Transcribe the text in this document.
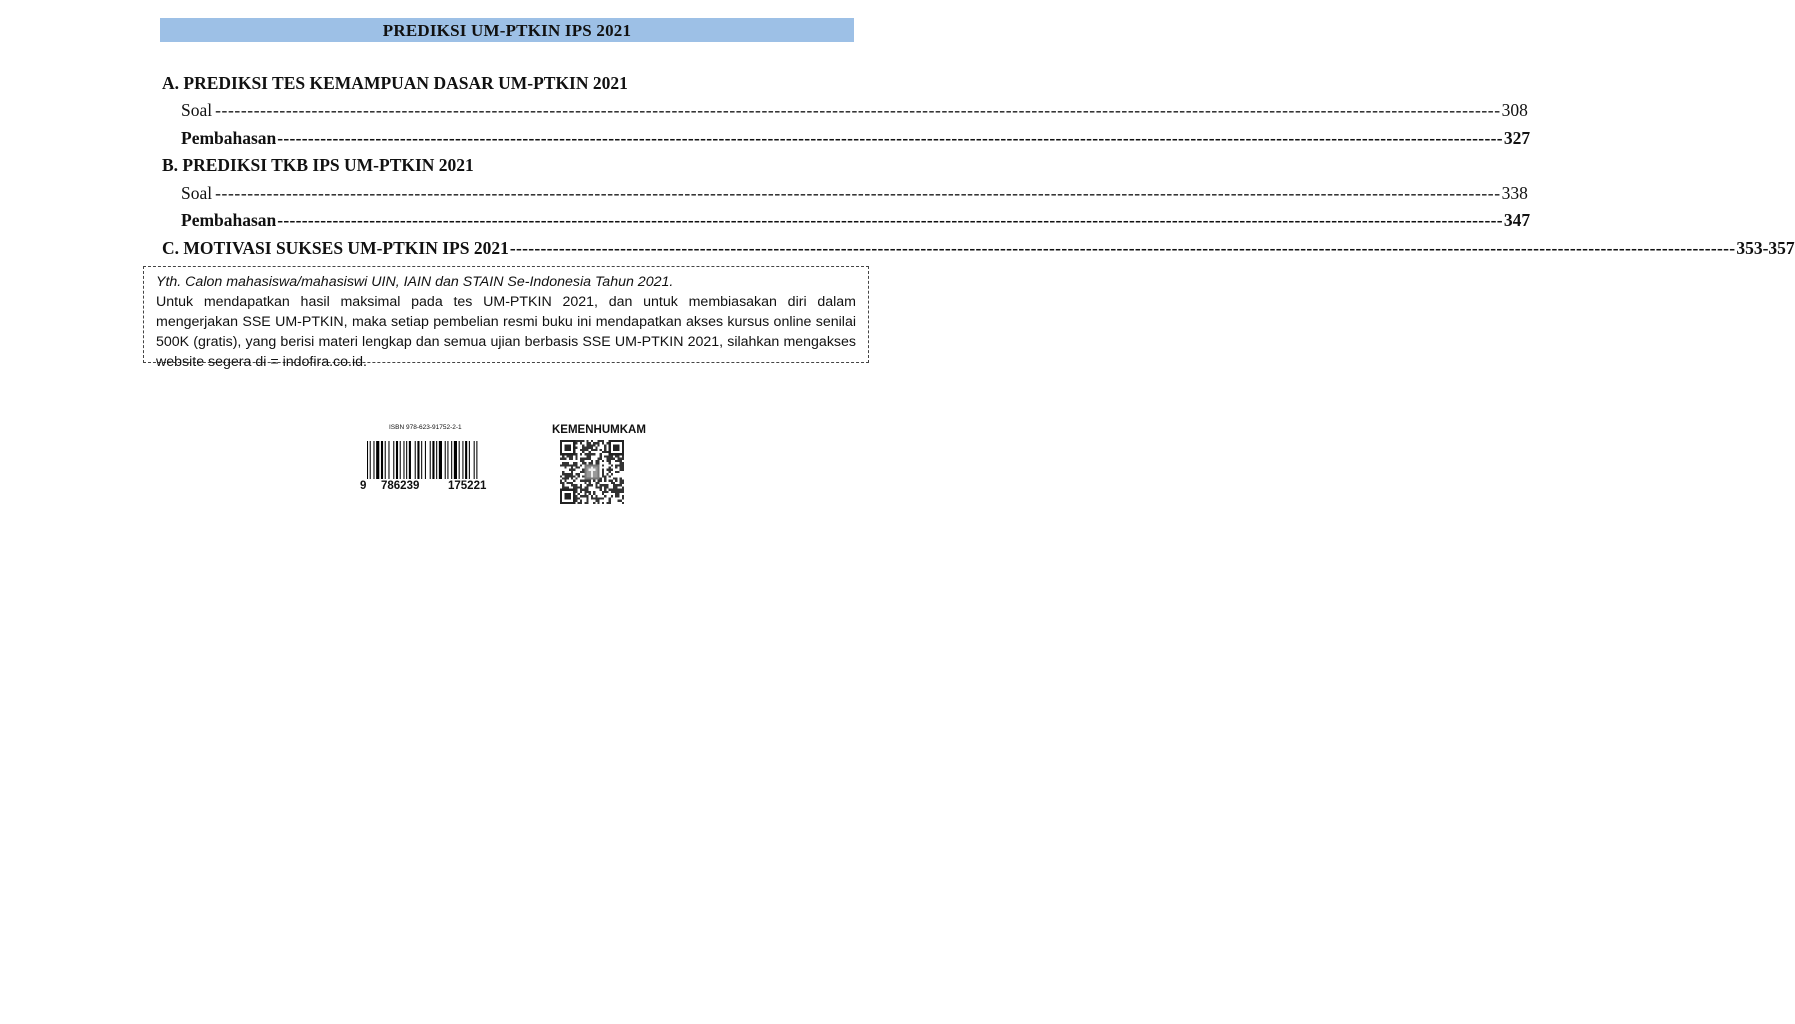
PREDIKSI UM-PTKIN IPS 2021
A. PREDIKSI TES KEMAMPUAN DASAR UM-PTKIN 2021
Soal -------------------------------------------------------------------------------------------------------------------------------------------------------------------------------------------------------- 308
Pembahasan -------------------------------------------------------------------------------------------------------------------------------------------------------------------------------------------------------- 327
B. PREDIKSI TKB IPS UM-PTKIN 2021
Soal -------------------------------------------------------------------------------------------------------------------------------------------------------------------------------------------------------- 338
Pembahasan -------------------------------------------------------------------------------------------------------------------------------------------------------------------------------------------------------- 347
C. MOTIVASI SUKSES UM-PTKIN IPS 2021 -------------------------------------------------------------------------------------------------------------------------------------------------------------------------------------------------------- 353-357
Yth. Calon mahasiswa/mahasiswi UIN, IAIN dan STAIN Se-Indonesia Tahun 2021.
Untuk mendapatkan hasil maksimal pada tes UM-PTKIN 2021, dan untuk membiasakan diri dalam mengerjakan SSE UM-PTKIN, maka setiap pembelian resmi buku ini mendapatkan akses kursus online senilai 500K (gratis), yang berisi materi lengkap dan semua ujian berbasis SSE UM-PTKIN 2021, silahkan mengakses website segera di = indofira.co.id.
ISBN 978-623-91752-2-1
9 786239 175221
KEMENHUMKAM
